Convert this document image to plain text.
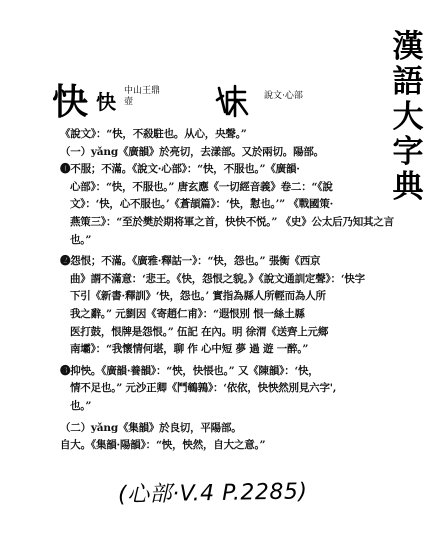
漢
語
大
字
典
快 快 中山王鼎
壺
說文·心部
《說文》：“快，不殺駐也。从心，央聲。”
（一）yǎng《廣韻》於亮切，去漾部。又於兩切。陽部。
❶不服；不滿。《說文·心部》：“快，不服也。”《廣韻·
心部》：“快，不服也。” 唐玄應《一切經音義》卷二：“《說
文》：‘快，心不服也。’《蒼頡篇》：‘快，懟也。’” 《戰國策·
燕策三》：“至於樊於期将軍之首，快快不悦。” 《史》公太后乃知其之言
也。”
❷怨恨；不滿。《廣雅·釋詁一》：“快，怨也。” 張衡《西京
曲》謂不滿意：‘悲王。《快，怨恨之貌。》《說文通訓定聲》：‘快字
下引《新書·釋訓》‘快，怨也。’ 實指為縣人所輕而為人所
我之辭。” 元劉因《寄趙仁甫》：“遐恨別 恨一絲土縣
医打鼓，恨牌是怨恨。” 伍記 在內。明 徐渭《送齊上元鄉
南壩》：“我懷情何堪，聊 作 心中短 夢 過 遊 一醉。”
❸抑怏。《廣韻·養韻》：“怏，快悵也。” 又《陳韻》：‘快，
情不足也。” 元沙正卿《鬥鵪鶉》：‘依依，快怏然別見六字',
也。”
（二）yǎng《集韻》於良切，平陽部。
自大。《集韻·陽韻》：“怏，怏然，自大之意。”
(心部·V.4 P.2285)
